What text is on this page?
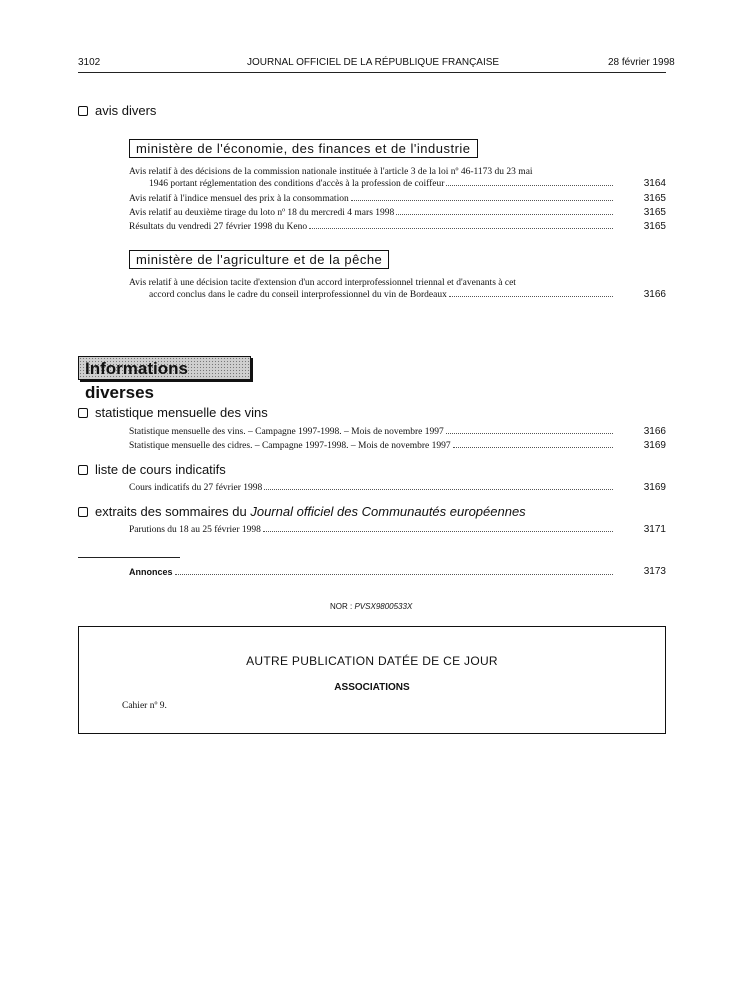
3102	JOURNAL OFFICIEL DE LA RÉPUBLIQUE FRANÇAISE	28 février 1998
avis divers
ministère de l'économie, des finances et de l'industrie
Avis relatif à des décisions de la commission nationale instituée à l'article 3 de la loi nº 46-1173 du 23 mai
1946 portant réglementation des conditions d'accès à la profession de coiffeur	3164
Avis relatif à l'indice mensuel des prix à la consommation	3165
Avis relatif au deuxième tirage du loto nº 18 du mercredi 4 mars 1998	3165
Résultats du vendredi 27 février 1998 du Keno	3165
ministère de l'agriculture et de la pêche
Avis relatif à une décision tacite d'extension d'un accord interprofessionnel triennal et d'avenants à cet
accord conclus dans le cadre du conseil interprofessionnel du vin de Bordeaux	3166
Informations diverses
statistique mensuelle des vins
Statistique mensuelle des vins. – Campagne 1997-1998. – Mois de novembre 1997	3166
Statistique mensuelle des cidres. – Campagne 1997-1998. – Mois de novembre 1997	3169
liste de cours indicatifs
Cours indicatifs du 27 février 1998	3169
extraits des sommaires du Journal officiel des Communautés européennes
Parutions du 18 au 25 février 1998	3171
Annonces	3173
NOR : PVSX9800533X
AUTRE PUBLICATION DATÉE DE CE JOUR
ASSOCIATIONS
Cahier nº 9.
